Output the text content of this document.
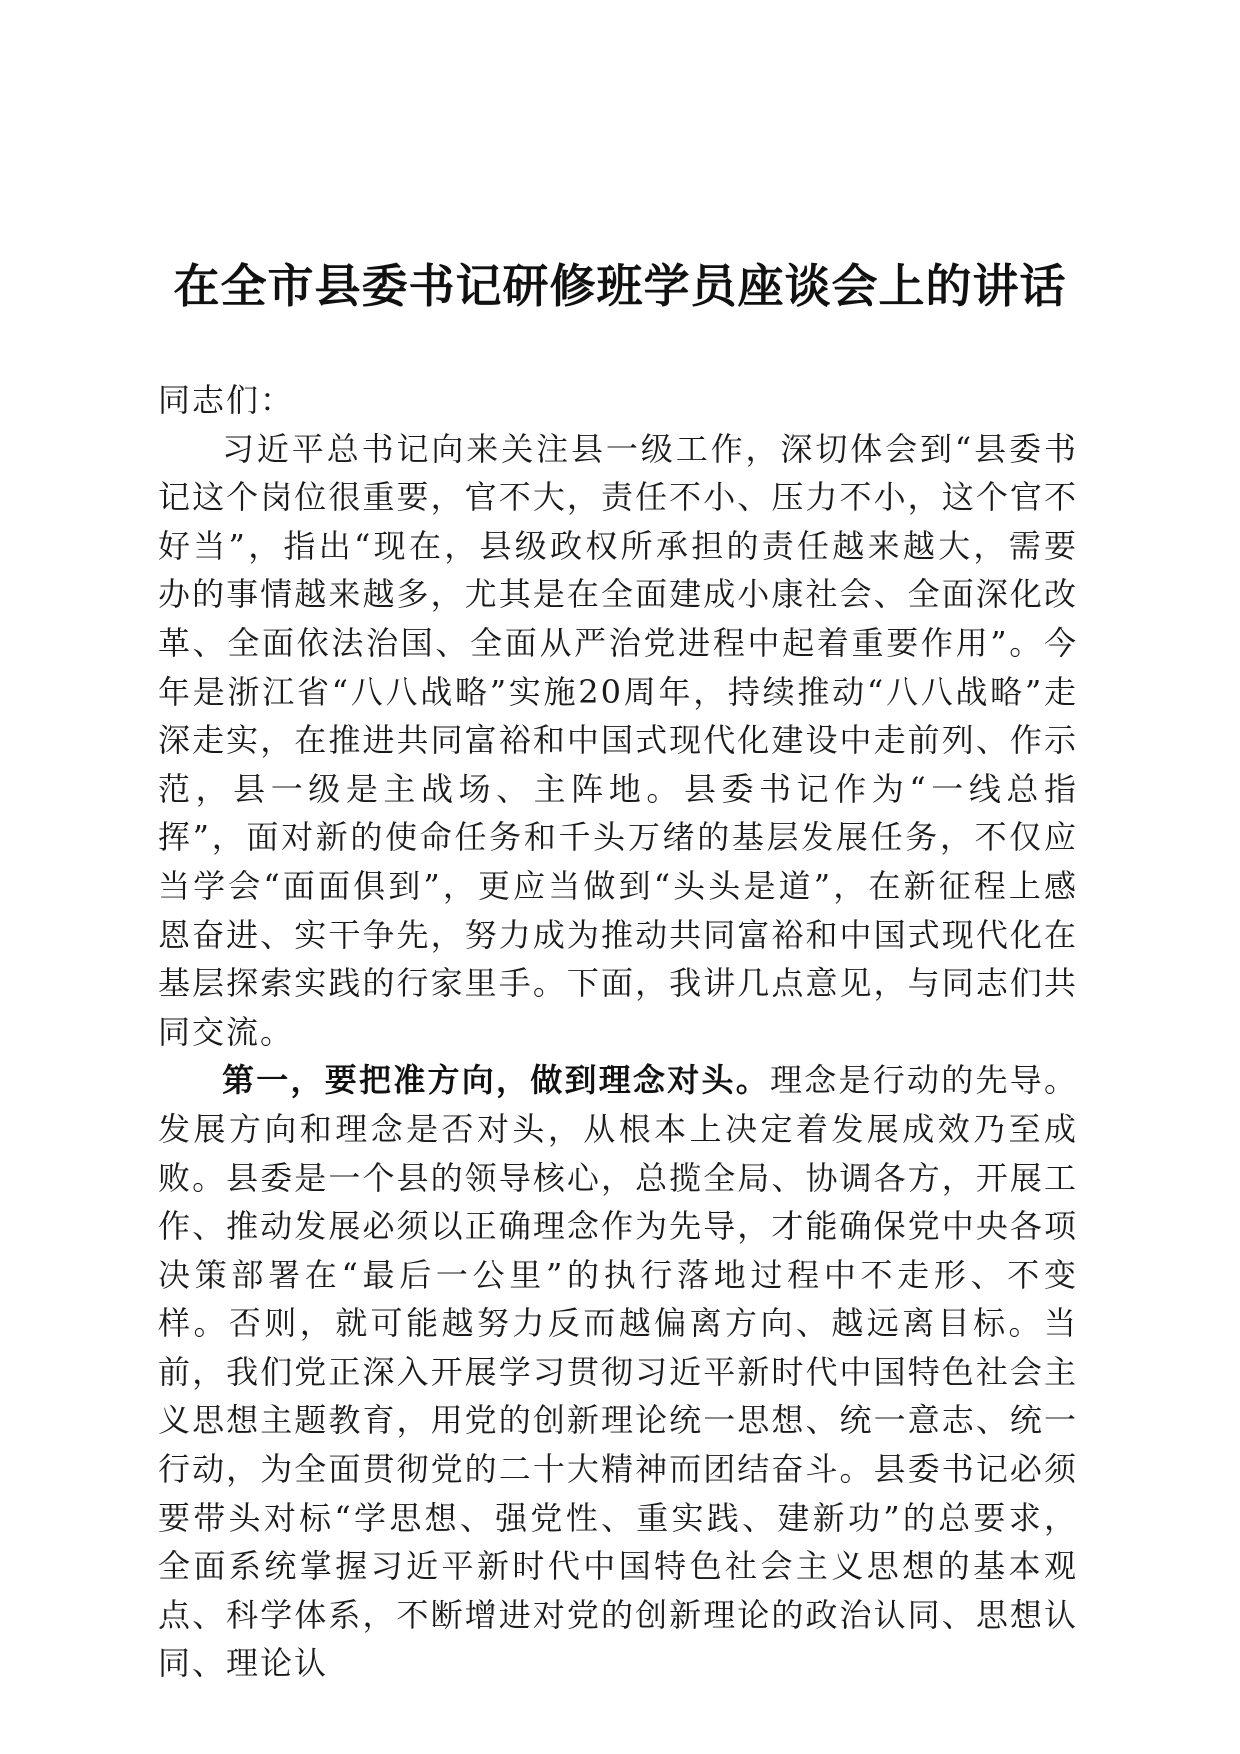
在全市县委书记研修班学员座谈会上的讲话

同志们：

习近平总书记向来关注县一级工作，深切体会到“县委书记这个岗位很重要，官不大，责任不小、压力不小，这个官不好当”，指出“现在，县级政权所承担的责任越来越大，需要办的事情越来越多，尤其是在全面建成小康社会、全面深化改革、全面依法治国、全面从严治党进程中起着重要作用”。今年是浙江省“八八战略”实施20周年，持续推动“八八战略”走深走实，在推进共同富裕和中国式现代化建设中走前列、作示范，县一级是主战场、主阵地。县委书记作为“一线总指挥”，面对新的使命任务和千头万绪的基层发展任务，不仅应当学会“面面俱到”，更应当做到“头头是道”，在新征程上感恩奋进、实干争先，努力成为推动共同富裕和中国式现代化在基层探索实践的行家里手。下面，我讲几点意见，与同志们共同交流。

第一，要把准方向，做到理念对头。理念是行动的先导。发展方向和理念是否对头，从根本上决定着发展成效乃至成败。县委是一个县的领导核心，总揽全局、协调各方，开展工作、推动发展必须以正确理念作为先导，才能确保党中央各项决策部署在“最后一公里”的执行落地过程中不走形、不变样。否则，就可能越努力反而越偏离方向、越远离目标。当前，我们党正深入开展学习贯彻习近平新时代中国特色社会主义思想主题教育，用党的创新理论统一思想、统一意志、统一行动，为全面贯彻党的二十大精神而团结奋斗。县委书记必须要带头对标“学思想、强党性、重实践、建新功”的总要求，全面系统掌握习近平新时代中国特色社会主义思想的基本观点、科学体系，不断增进对党的创新理论的政治认同、思想认同、理论认
